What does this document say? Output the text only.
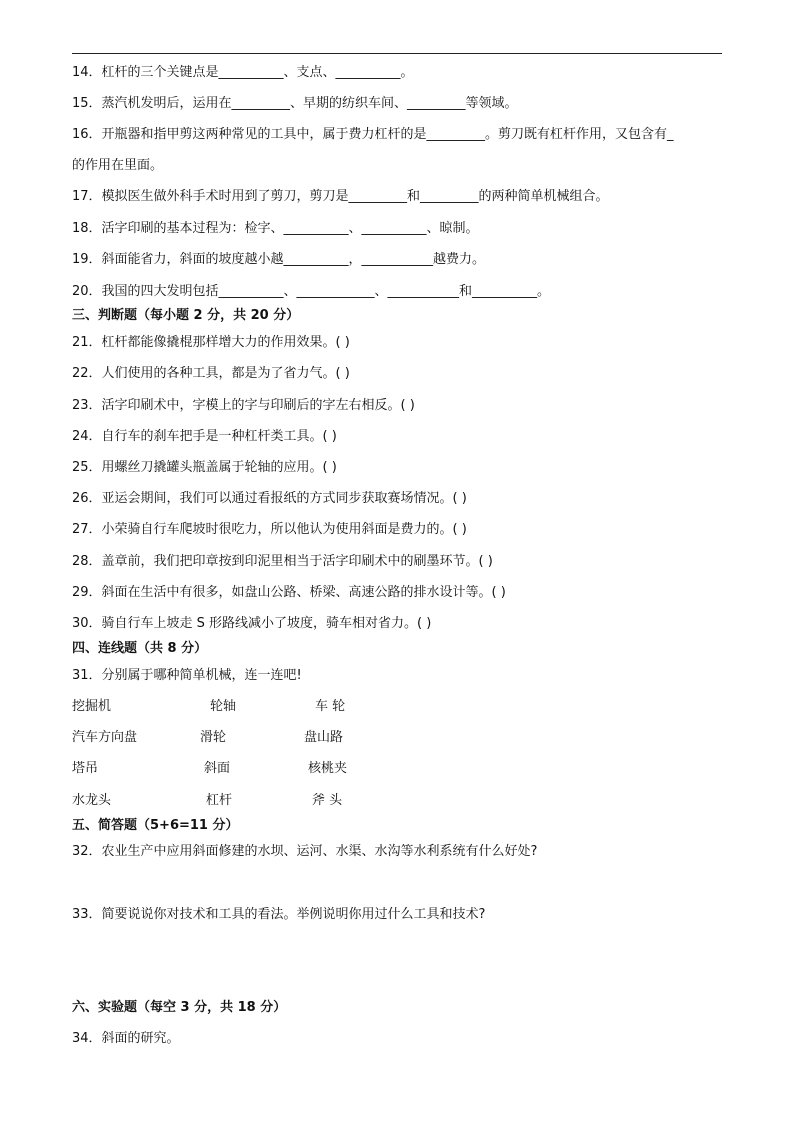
14．杠杆的三个关键点是__________、支点、__________。
15．蒸汽机发明后，运用在_________、早期的纺织车间、_________等领域。
16．开瓶器和指甲剪这两种常见的工具中，属于费力杠杆的是_________。剪刀既有杠杆作用，又包含有_
的作用在里面。
17．模拟医生做外科手术时用到了剪刀，剪刀是_________和_________的两种简单机械组合。
18．活字印刷的基本过程为：检字、__________、__________、晾制。
19．斜面能省力，斜面的坡度越小越__________，___________越费力。
20．我国的四大发明包括__________、____________、___________和__________。
三、判断题（每小题 2 分，共 20 分）
21．杠杆都能像撬棍那样增大力的作用效果。( )
22．人们使用的各种工具，都是为了省力气。( )
23．活字印刷术中，字模上的字与印刷后的字左右相反。( )
24．自行车的刹车把手是一种杠杆类工具。( )
25．用螺丝刀撬罐头瓶盖属于轮轴的应用。( )
26．亚运会期间，我们可以通过看报纸的方式同步获取赛场情况。( )
27．小荣骑自行车爬坡时很吃力，所以他认为使用斜面是费力的。( )
28．盖章前，我们把印章按到印泥里相当于活字印刷术中的刷墨环节。( )
29．斜面在生活中有很多，如盘山公路、桥梁、高速公路的排水设计等。( )
30．骑自行车上坡走 S 形路线减小了坡度，骑车相对省力。( )
四、连线题（共 8 分）
31．分别属于哪种简单机械，连一连吧!
挖掘机	轮轴	车 轮
汽车方向盘	滑轮	盘山路
塔吊	斜面	核桃夹
水龙头	杠杆	斧 头
五、简答题（5+6=11 分）
32．农业生产中应用斜面修建的水坝、运河、水渠、水沟等水利系统有什么好处?
33．简要说说你对技术和工具的看法。举例说明你用过什么工具和技术?
六、实验题（每空 3 分，共 18 分）
34．斜面的研究。
